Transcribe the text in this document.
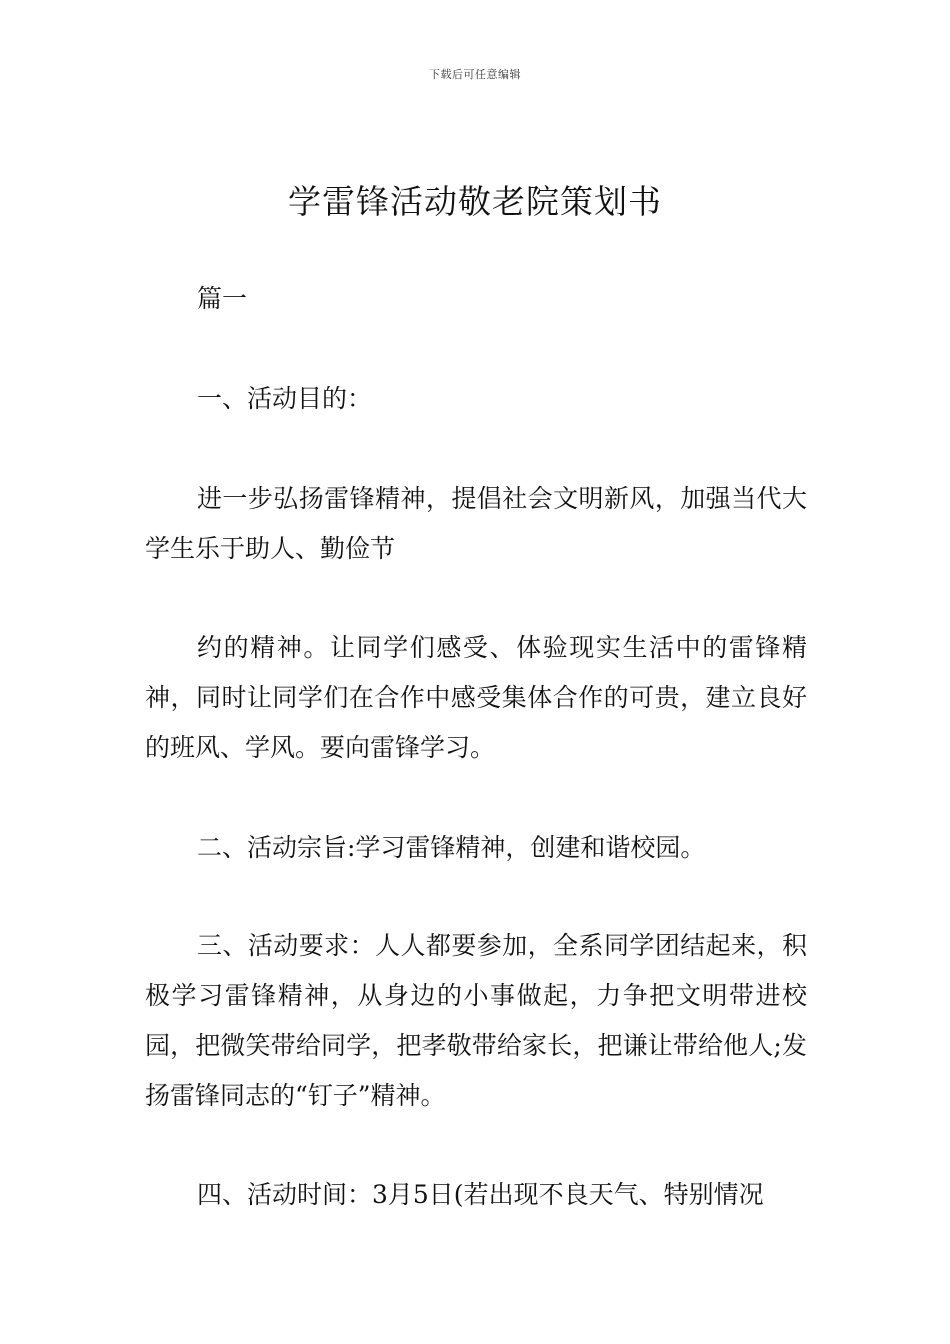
下载后可任意编辑
学雷锋活动敬老院策划书

篇一

一、活动目的：

进一步弘扬雷锋精神，提倡社会文明新风，加强当代大学生乐于助人、勤俭节

约的精神。让同学们感受、体验现实生活中的雷锋精神，同时让同学们在合作中感受集体合作的可贵，建立良好的班风、学风。要向雷锋学习。

二、活动宗旨:学习雷锋精神，创建和谐校园。

三、活动要求：人人都要参加，全系同学团结起来，积极学习雷锋精神，从身边的小事做起，力争把文明带进校园，把微笑带给同学，把孝敬带给家长，把谦让带给他人;发扬雷锋同志的“钉子”精神。

四、活动时间：3月5日(若出现不良天气、特别情况
